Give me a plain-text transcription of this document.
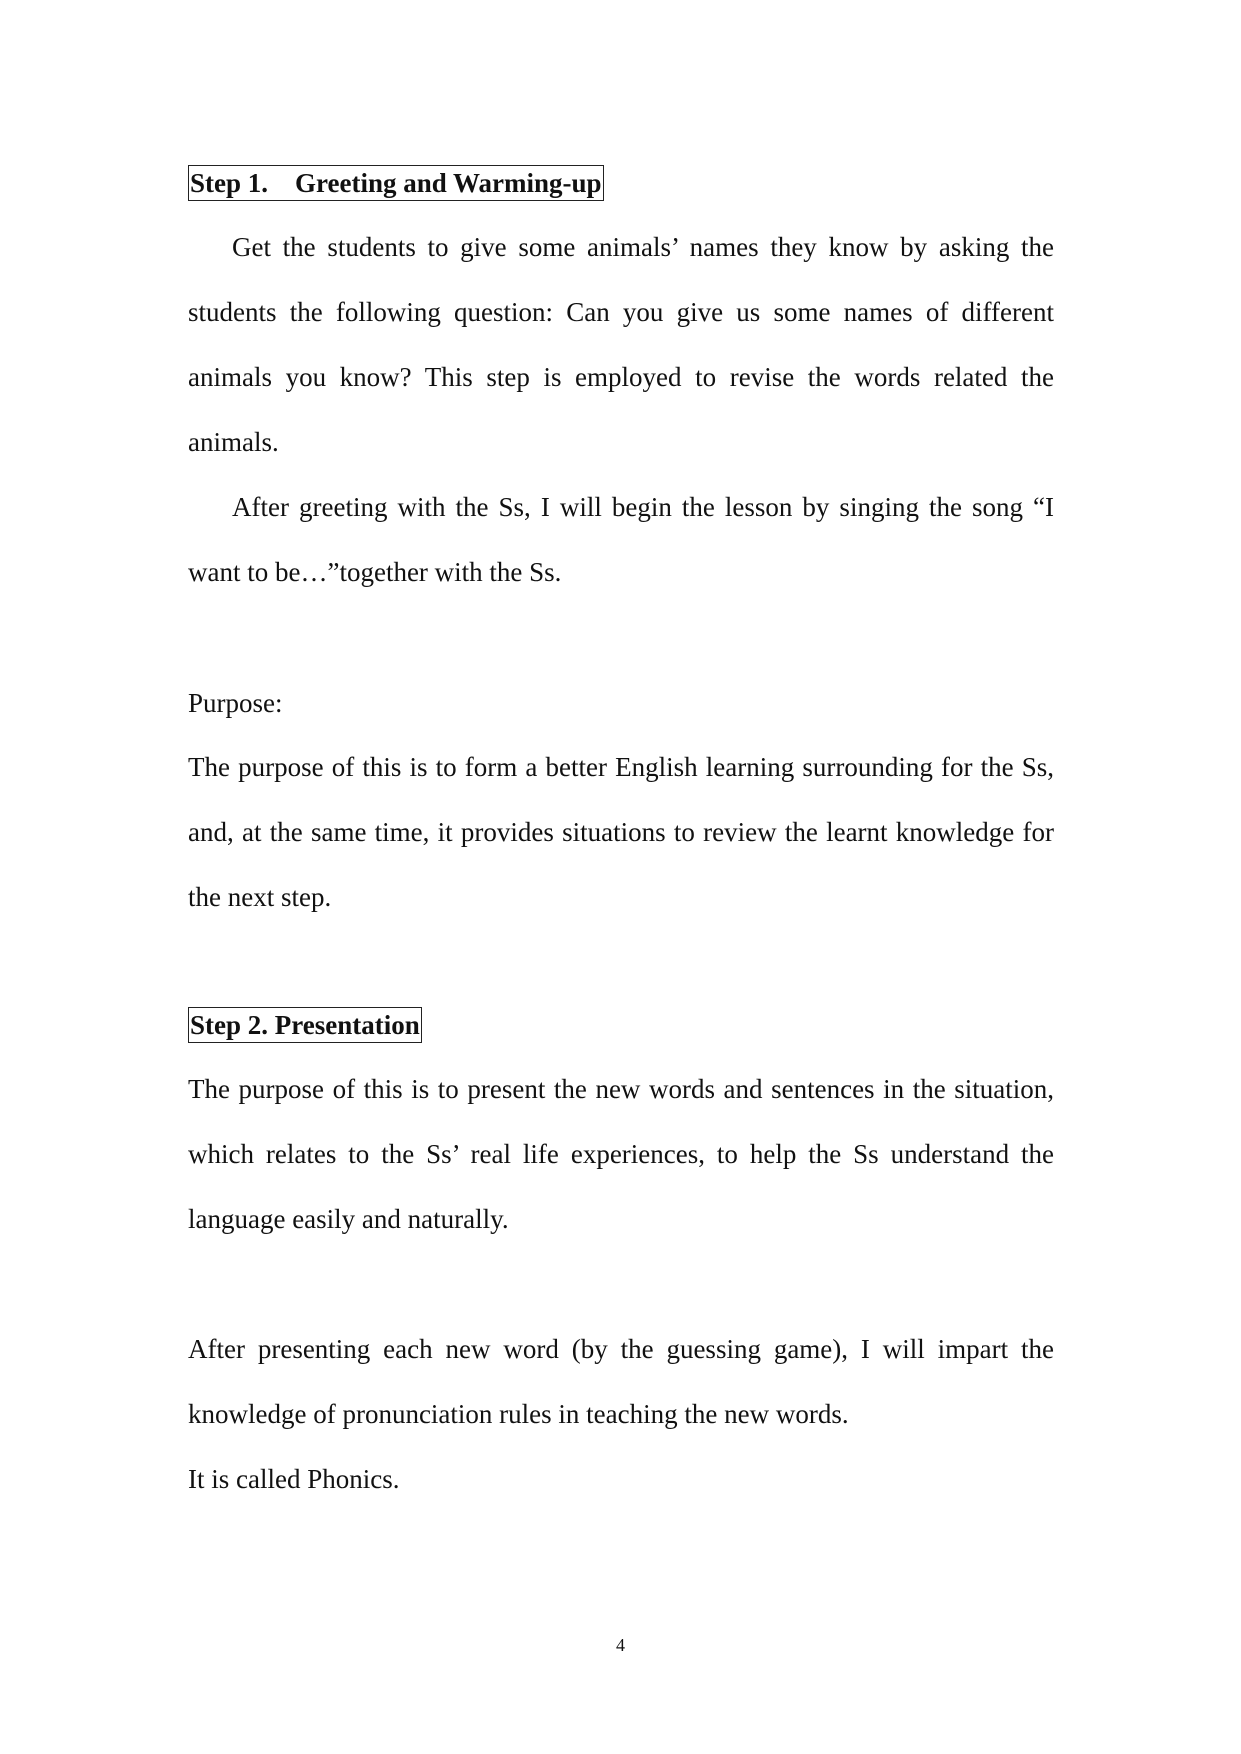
Step 1.    Greeting and Warming-up

Get the students to give some animals’ names they know by asking the students the following question: Can you give us some names of different animals you know? This step is employed to revise the words related the animals.

After greeting with the Ss, I will begin the lesson by singing the song “I want to be…”together with the Ss.

Purpose:

The purpose of this is to form a better English learning surrounding for the Ss, and, at the same time, it provides situations to review the learnt knowledge for the next step.

Step 2. Presentation

The purpose of this is to present the new words and sentences in the situation, which relates to the Ss’ real life experiences, to help the Ss understand the language easily and naturally.

After presenting each new word (by the guessing game), I will impart the knowledge of pronunciation rules in teaching the new words.

It is called Phonics.
4
